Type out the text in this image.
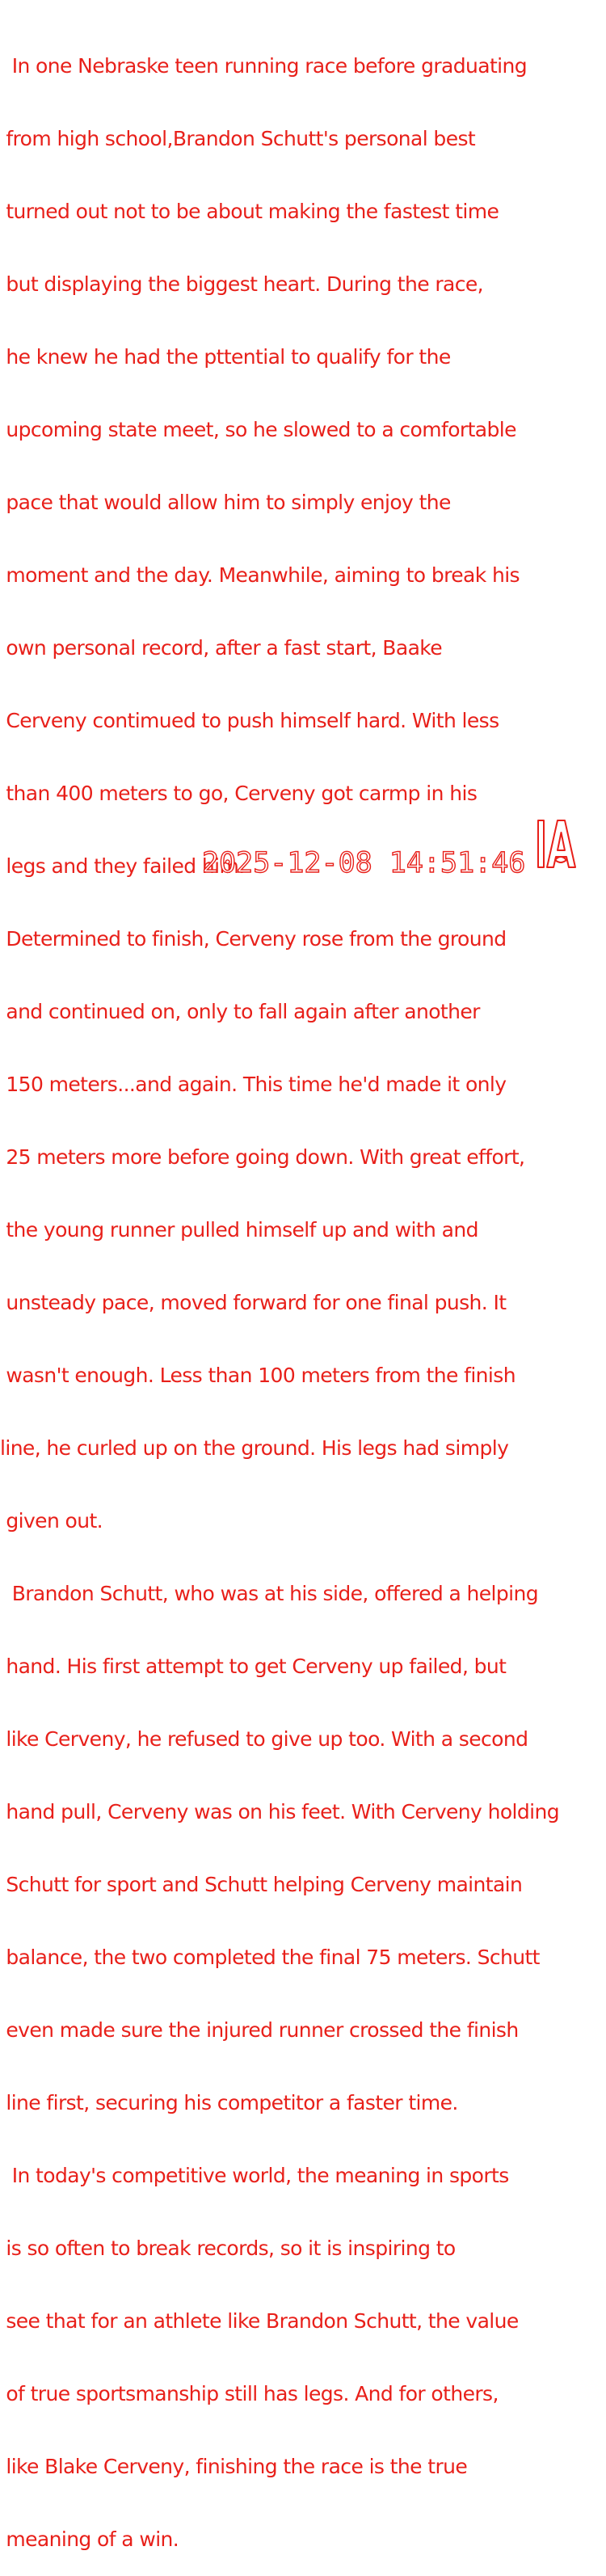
In one Nebraske teen running race before graduating

from high school,Brandon Schutt's personal best

turned out not to be about making the fastest time

but displaying the biggest heart. During the race,

he knew he had the pttential to qualify for the

upcoming state meet, so he slowed to a comfortable

pace that would allow him to simply enjoy the

moment and the day. Meanwhile, aiming to break his

own personal record, after a fast start, Baake

Cerveny contimued to push himself hard. With less

than 400 meters to go, Cerveny got carmp in his

legs and they failed him.

Determined to finish, Cerveny rose from the ground

and continued on, only to fall again after another

150 meters...and again. This time he'd made it only

25 meters more before going down. With great effort,

the young runner pulled himself up and with and

unsteady pace, moved forward for one final push. It

wasn't enough. Less than 100 meters from the finish

line, he curled up on the ground. His legs had simply

given out.

Brandon Schutt, who was at his side, offered a helping

hand. His first attempt to get Cerveny up failed, but

like Cerveny, he refused to give up too. With a second

hand pull, Cerveny was on his feet. With Cerveny holding

Schutt for sport and Schutt helping Cerveny maintain

balance, the two completed the final 75 meters. Schutt

even made sure the injured runner crossed the finish

line first, securing his competitor a faster time.

In today's competitive world, the meaning in sports

is so often to break records, so it is inspiring to

see that for an athlete like Brandon Schutt, the value

of true sportsmanship still has legs. And for others,

like Blake Cerveny, finishing the race is the true

meaning of a win.

2025-12-08 14:51:46
